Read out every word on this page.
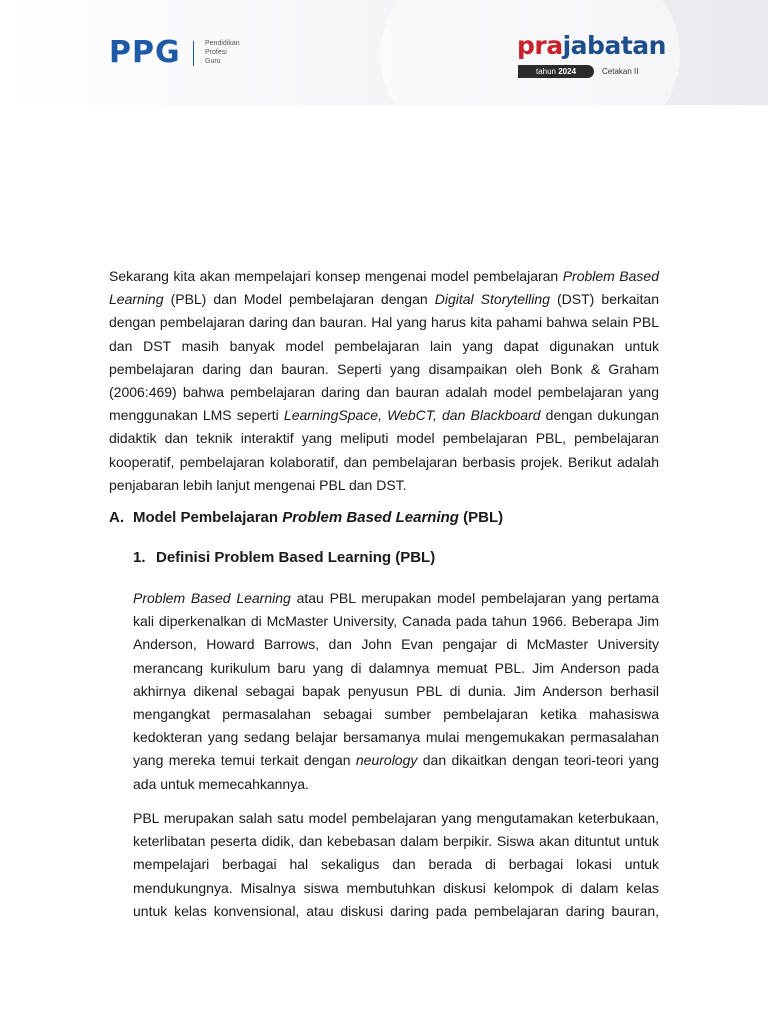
PPG	Pendidikan
Profesi
Guru
prajabatan
tahun 2024	Cetakan II

Sekarang kita akan mempelajari konsep mengenai model pembelajaran Problem Based Learning (PBL) dan Model pembelajaran dengan Digital Storytelling (DST) berkaitan dengan pembelajaran daring dan bauran. Hal yang harus kita pahami bahwa selain PBL dan DST masih banyak model pembelajaran lain yang dapat digunakan untuk pembelajaran daring dan bauran. Seperti yang disampaikan oleh Bonk & Graham (2006:469) bahwa pembelajaran daring dan bauran adalah model pembelajaran yang menggunakan LMS seperti LearningSpace, WebCT, dan Blackboard dengan dukungan didaktik dan teknik interaktif yang meliputi model pembelajaran PBL, pembelajaran kooperatif, pembelajaran kolaboratif, dan pembelajaran berbasis projek. Berikut adalah penjabaran lebih lanjut mengenai PBL dan DST.

A. Model Pembelajaran Problem Based Learning (PBL)
1. Definisi Problem Based Learning (PBL)

Problem Based Learning atau PBL merupakan model pembelajaran yang pertama kali diperkenalkan di McMaster University, Canada pada tahun 1966. Beberapa Jim Anderson, Howard Barrows, dan John Evan pengajar di McMaster University merancang kurikulum baru yang di dalamnya memuat PBL. Jim Anderson pada akhirnya dikenal sebagai bapak penyusun PBL di dunia. Jim Anderson berhasil mengangkat permasalahan sebagai sumber pembelajaran ketika mahasiswa kedokteran yang sedang belajar bersamanya mulai mengemukakan permasalahan yang mereka temui terkait dengan neurology dan dikaitkan dengan teori-teori yang ada untuk memecahkannya.

PBL merupakan salah satu model pembelajaran yang mengutamakan keterbukaan, keterlibatan peserta didik, dan kebebasan dalam berpikir. Siswa akan dituntut untuk mempelajari berbagai hal sekaligus dan berada di berbagai lokasi untuk mendukungnya. Misalnya siswa membutuhkan diskusi kelompok di dalam kelas untuk kelas konvensional, atau diskusi daring pada pembelajaran daring bauran,
